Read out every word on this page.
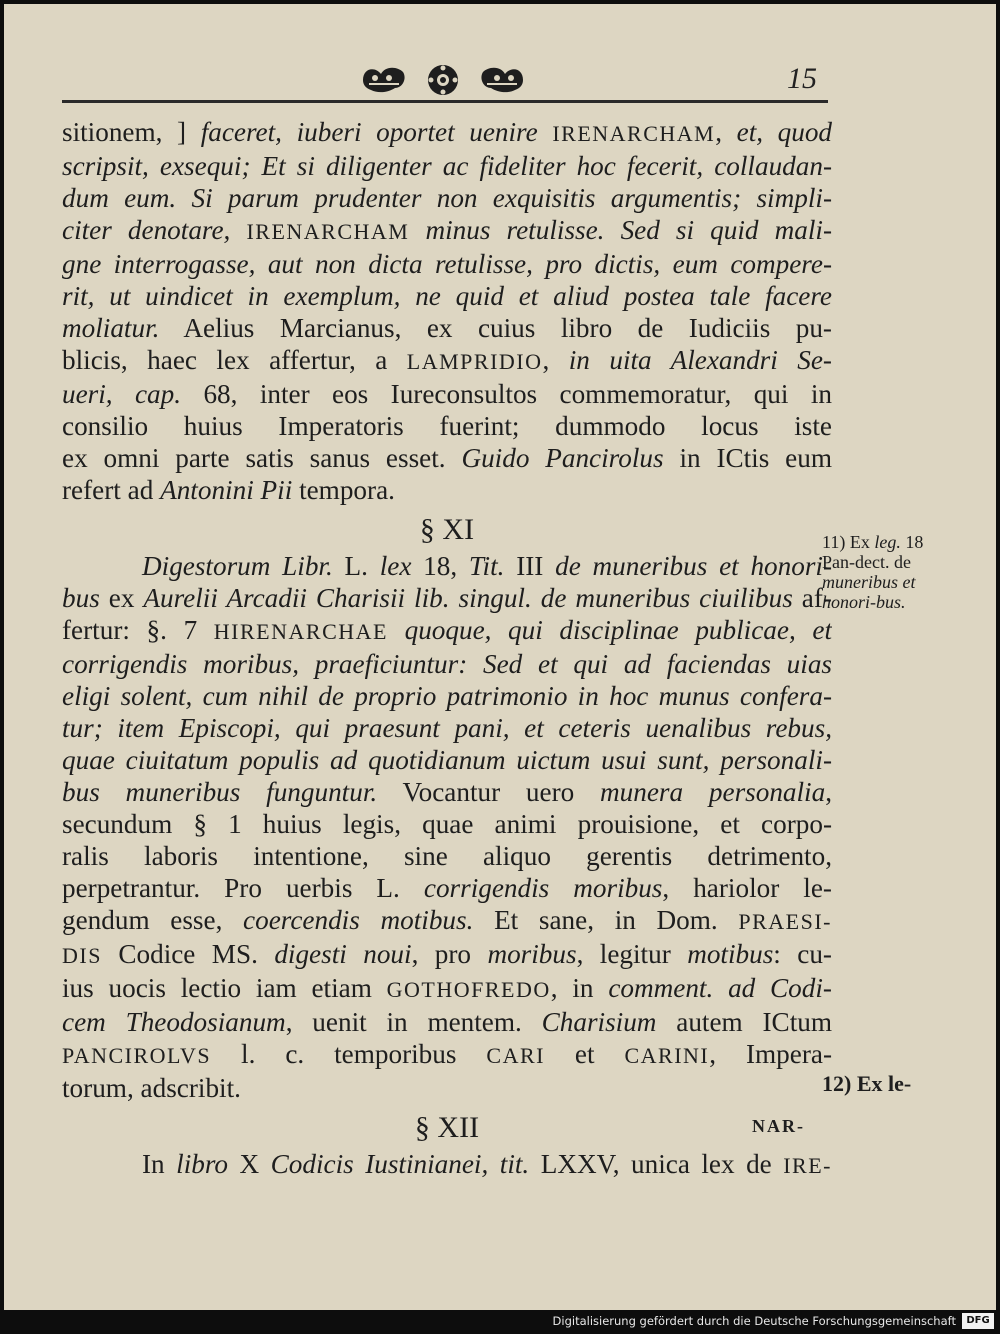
15

sitionem, ] faceret, iuberi oportet uenire IRENARCHAM, et, quod
scripsit, exsequi; Et si diligenter ac fideliter hoc fecerit, collaudan-
dum eum. Si parum prudenter non exquisitis argumentis; simpli-
citer denotare, IRENARCHAM minus retulisse. Sed si quid mali-
gne interrogasse, aut non dicta retulisse, pro dictis, eum compere-
rit, ut uindicet in exemplum, ne quid et aliud postea tale facere
moliatur. Aelius Marcianus, ex cuius libro de Iudiciis pu-
blicis, haec lex affertur, a LAMPRIDIO, in uita Alexandri Se-
ueri, cap. 68, inter eos Iureconsultos commemoratur, qui in
consilio huius Imperatoris fuerint; dummodo locus iste
ex omni parte satis sanus esset. Guido Pancirolus in ICtis eum
refert ad Antonini Pii tempora.

§ XI

Digestorum Libr. L. lex 18, Tit. III de muneribus et honori-
bus ex Aurelii Arcadii Charisii lib. singul. de muneribus ciuilibus af-
fertur: §. 7 HIRENARCHAE quoque, qui disciplinae publicae, et
corrigendis moribus, praeficiuntur: Sed et qui ad faciendas uias
eligi solent, cum nihil de proprio patrimonio in hoc munus confera-
tur; item Episcopi, qui praesunt pani, et ceteris uenalibus rebus,
quae ciuitatum populis ad quotidianum uictum usui sunt, personali-
bus muneribus funguntur. Vocantur uero munera personalia,
secundum § 1 huius legis, quae animi prouisione, et corpo-
ralis laboris intentione, sine aliquo gerentis detrimento,
perpetrantur. Pro uerbis L. corrigendis moribus, hariolor le-
gendum esse, coercendis motibus. Et sane, in Dom. PRAESI-
DIS Codice MS. digesti noui, pro moribus, legitur motibus: cu-
ius uocis lectio iam etiam GOTHOFREDO, in comment. ad Codi-
cem Theodosianum, uenit in mentem. Charisium autem ICtum
PANCIROLVS l. c. temporibus CARI et CARINI, Impera-
torum, adscribit.

§ XII

In libro X Codicis Iustinianei, tit. LXXV, unica lex de IRE-

11) Ex leg. 18 Pan-dect. de muneribus et honori-bus.
12) Ex le-
NAR-
Digitalisierung gefördert durch die Deutsche Forschungsgemeinschaft	DFG
